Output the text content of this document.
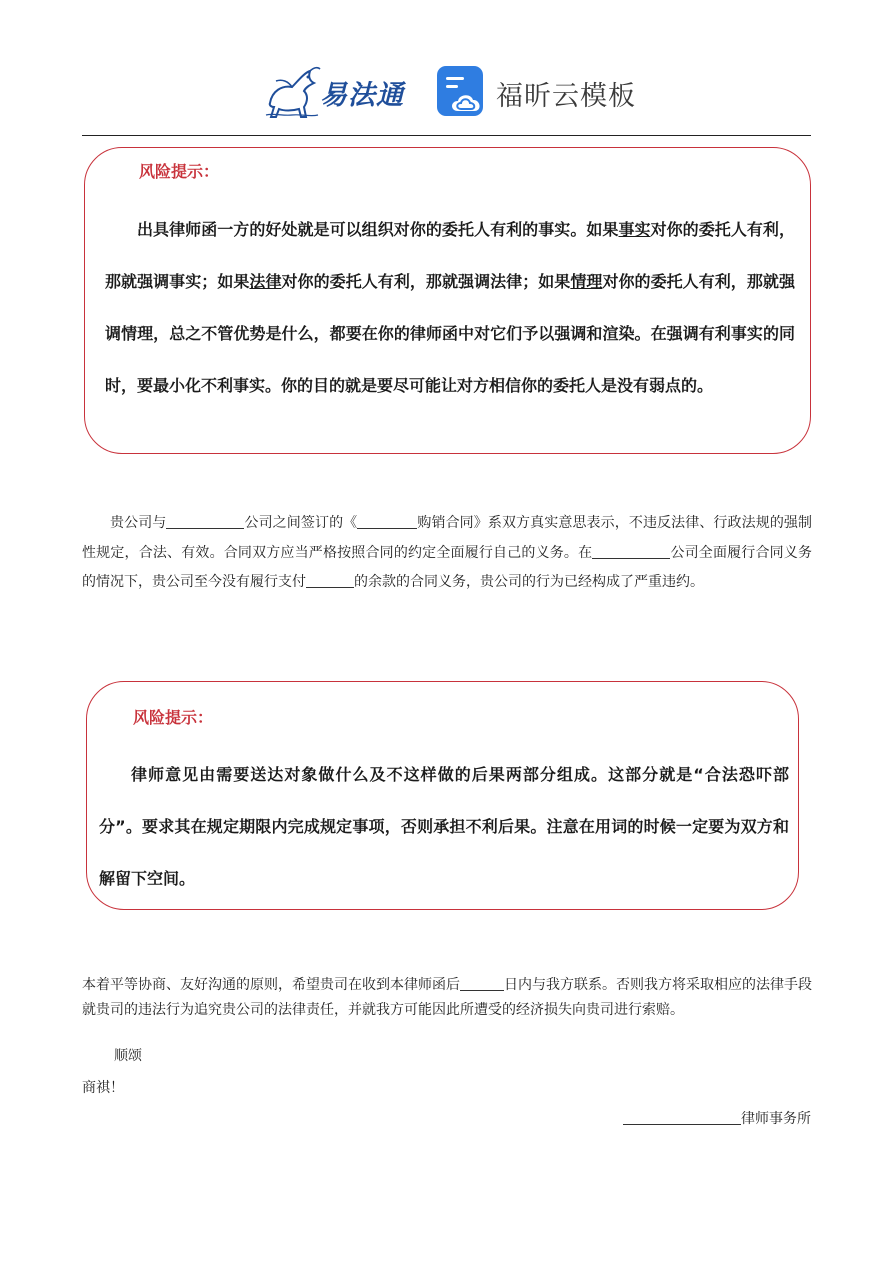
易法通	福昕云模板
风险提示：

出具律师函一方的好处就是可以组织对你的委托人有利的事实。如果事实对你的委托人有利，那就强调事实；如果法律对你的委托人有利，那就强调法律；如果情理对你的委托人有利，那就强调情理，总之不管优势是什么，都要在你的律师函中对它们予以强调和渲染。在强调有利事实的同时，要最小化不利事实。你的目的就是要尽可能让对方相信你的委托人是没有弱点的。

贵公司与	公司之间签订的《	购销合同》系双方真实意思表示，不违反法律、行政法规的强制性规定，合法、有效。合同双方应当严格按照合同的约定全面履行自己的义务。在	公司全面履行合同义务的情况下，贵公司至今没有履行支付	的余款的合同义务，贵公司的行为已经构成了严重违约。

风险提示：

律师意见由需要送达对象做什么及不这样做的后果两部分组成。这部分就是“合法恐吓部分”。要求其在规定期限内完成规定事项，否则承担不利后果。注意在用词的时候一定要为双方和解留下空间。

本着平等协商、友好沟通的原则，希望贵司在收到本律师函后	日内与我方联系。否则我方将采取相应的法律手段就贵司的违法行为追究贵公司的法律责任，并就我方可能因此所遭受的经济损失向贵司进行索赔。

顺颂
商祺！
律师事务所
